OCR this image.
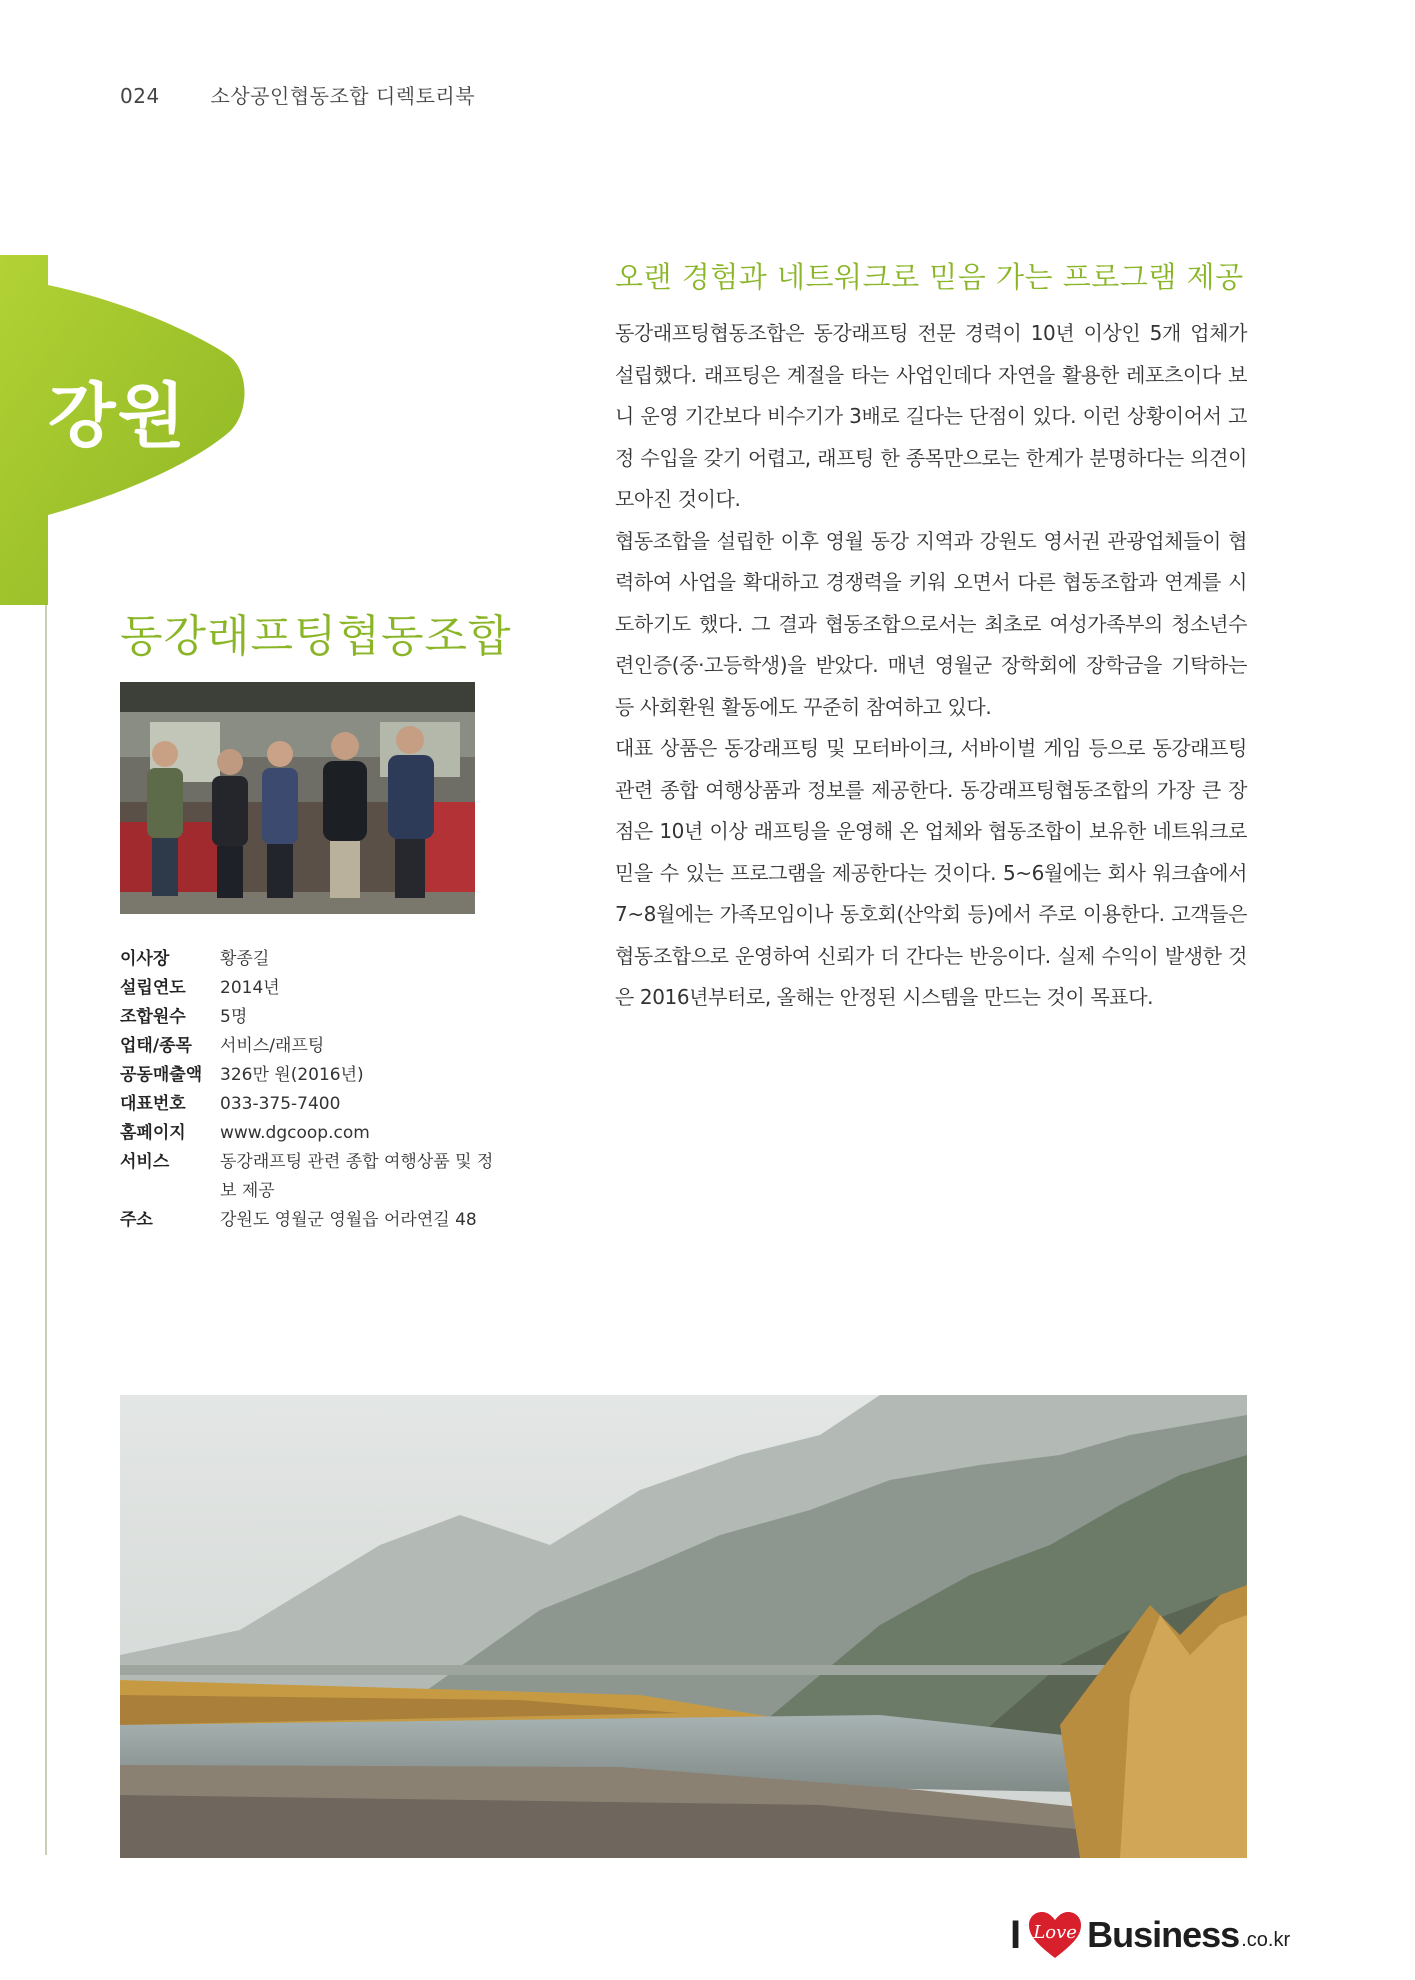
024	소상공인협동조합 디렉토리북
강원
동강래프팅협동조합
이사장	황종길
설립연도	2014년
조합원수	5명
업태/종목	서비스/래프팅
공동매출액	326만 원(2016년)
대표번호	033-375-7400
홈페이지	www.dgcoop.com
서비스	동강래프팅 관련 종합 여행상품 및 정보 제공
주소	강원도 영월군 영월읍 어라연길 48
오랜 경험과 네트워크로 믿음 가는 프로그램 제공

동강래프팅협동조합은 동강래프팅 전문 경력이 10년 이상인 5개 업체가 설립했다. 래프팅은 계절을 타는 사업인데다 자연을 활용한 레포츠이다 보니 운영 기간보다 비수기가 3배로 길다는 단점이 있다. 이런 상황이어서 고정 수입을 갖기 어렵고, 래프팅 한 종목만으로는 한계가 분명하다는 의견이 모아진 것이다.

협동조합을 설립한 이후 영월 동강 지역과 강원도 영서권 관광업체들이 협력하여 사업을 확대하고 경쟁력을 키워 오면서 다른 협동조합과 연계를 시도하기도 했다. 그 결과 협동조합으로서는 최초로 여성가족부의 청소년수련인증(중·고등학생)을 받았다. 매년 영월군 장학회에 장학금을 기탁하는 등 사회환원 활동에도 꾸준히 참여하고 있다.

대표 상품은 동강래프팅 및 모터바이크, 서바이벌 게임 등으로 동강래프팅 관련 종합 여행상품과 정보를 제공한다. 동강래프팅협동조합의 가장 큰 장점은 10년 이상 래프팅을 운영해 온 업체와 협동조합이 보유한 네트워크로 믿을 수 있는 프로그램을 제공한다는 것이다. 5~6월에는 회사 워크숍에서 7~8월에는 가족모임이나 동호회(산악회 등)에서 주로 이용한다. 고객들은 협동조합으로 운영하여 신뢰가 더 간다는 반응이다. 실제 수익이 발생한 것은 2016년부터로, 올해는 안정된 시스템을 만드는 것이 목표다.

I Love Business .co.kr
